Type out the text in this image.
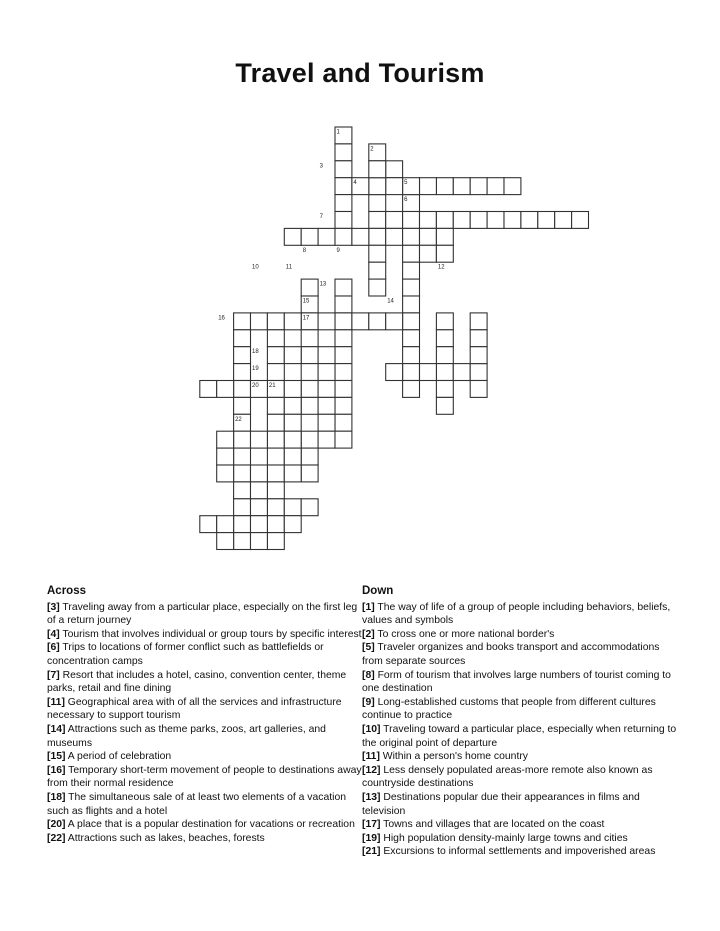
Travel and Tourism
1
2
3
4	5
6
7
8	9
10	11	12
13
14
15
16	17
18
19
20 21
22
Across
[3] Traveling away from a particular place, especially on the first leg of a return journey
[4] Tourism that involves individual or group tours by specific interest
[6] Trips to locations of former conflict such as battlefields or concentration camps
[7] Resort that includes a hotel, casino, convention center, theme parks, retail and fine dining
[11] Geographical area with of all the services and infrastructure necessary to support tourism
[14] Attractions such as theme parks, zoos, art galleries, and museums
[15] A period of celebration
[16] Temporary short-term movement of people to destinations away from their normal residence
[18] The simultaneous sale of at least two elements of a vacation such as flights and a hotel
[20] A place that is a popular destination for vacations or recreation
[22] Attractions such as lakes, beaches, forests
Down
[1] The way of life of a group of people including behaviors, beliefs, values and symbols
[2] To cross one or more national border's
[5] Traveler organizes and books transport and accommodations from separate sources
[8] Form of tourism that involves large numbers of tourist coming to one destination
[9] Long-established customs that people from different cultures continue to practice
[10] Traveling toward a particular place, especially when returning to the original point of departure
[11] Within a person's home country
[12] Less densely populated areas-more remote also known as countryside destinations
[13] Destinations popular due their appearances in films and television
[17] Towns and villages that are located on the coast
[19] High population density-mainly large towns and cities
[21] Excursions to informal settlements and impoverished areas
